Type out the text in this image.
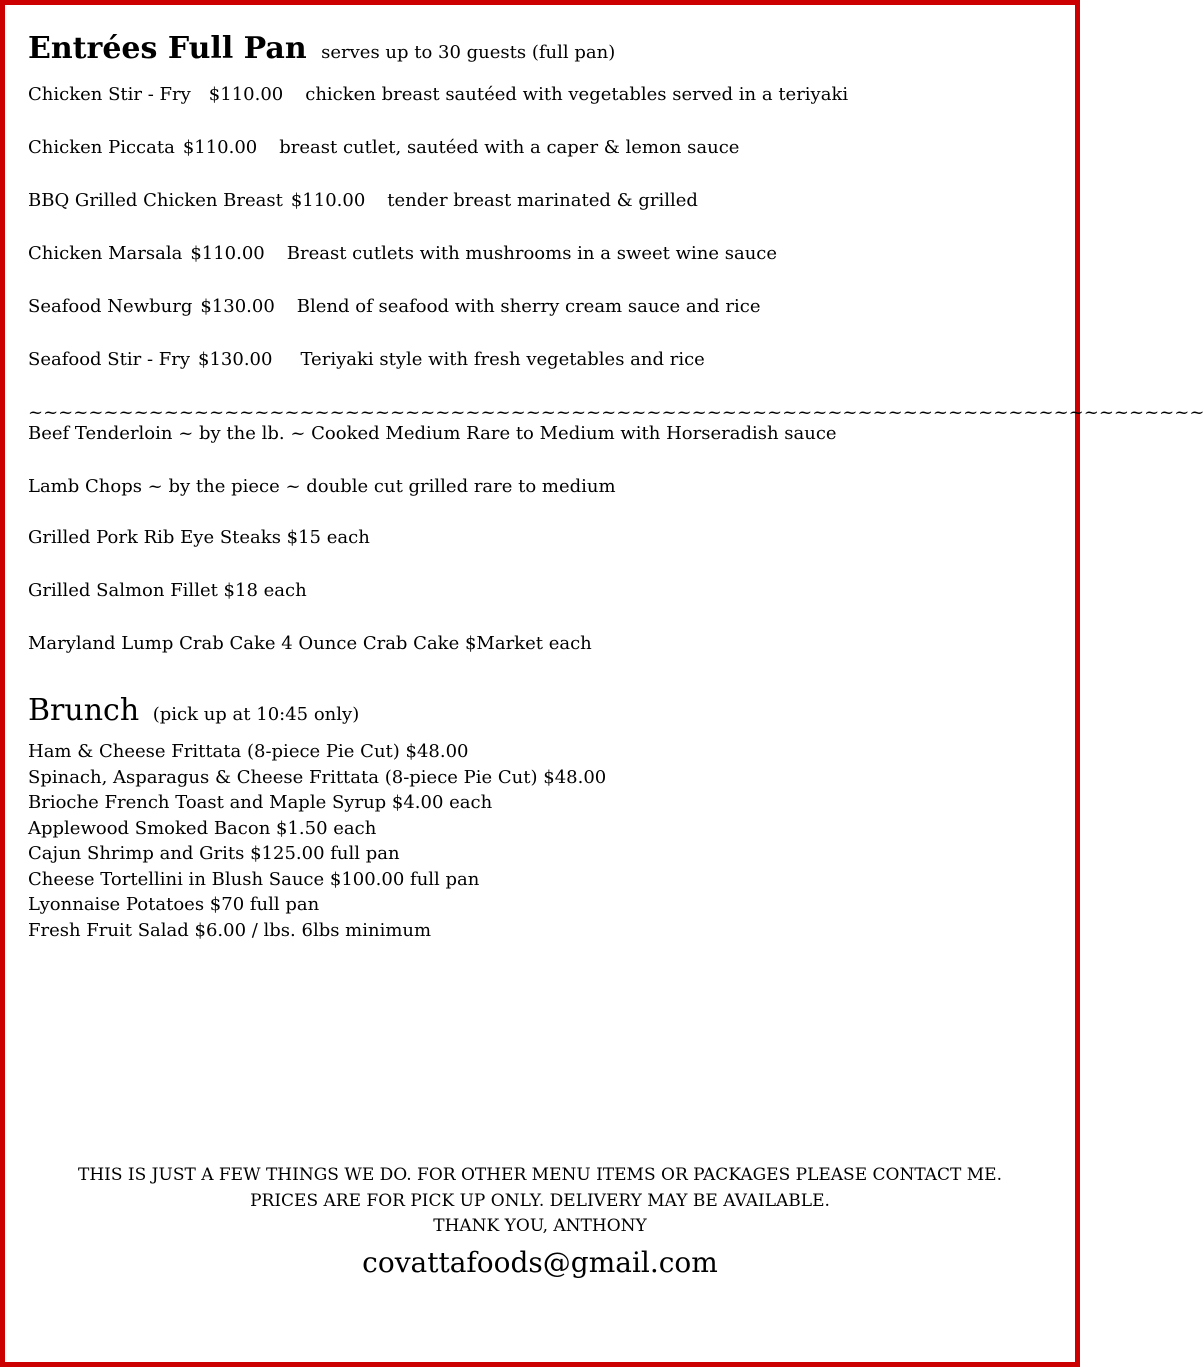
Entrées Full Pan serves up to 30 guests (full pan)
Chicken Stir - Fry $110.00 chicken breast sautéed with vegetables served in a teriyaki
Chicken Piccata $110.00 breast cutlet, sautéed with a caper & lemon sauce
BBQ Grilled Chicken Breast $110.00 tender breast marinated & grilled
Chicken Marsala $110.00 Breast cutlets with mushrooms in a sweet wine sauce
Seafood Newburg $130.00 Blend of seafood with sherry cream sauce and rice
Seafood Stir - Fry $130.00 Teriyaki style with fresh vegetables and rice
~~~~~~~~~~~~~~~~~~~~~~~~~~~~~~~~~~~~~~~~~~~~~~~~~~~~~~~~~~~~~~~~~~~~~~~~~~~~~~
Beef Tenderloin ~ by the lb. ~ Cooked Medium Rare to Medium with Horseradish sauce
Lamb Chops ~ by the piece ~ double cut grilled rare to medium
Grilled Pork Rib Eye Steaks $15 each
Grilled Salmon Fillet $18 each
Maryland Lump Crab Cake 4 Ounce Crab Cake $Market each
Brunch (pick up at 10:45 only)
Ham & Cheese Frittata (8-piece Pie Cut) $48.00
Spinach, Asparagus & Cheese Frittata (8-piece Pie Cut) $48.00
Brioche French Toast and Maple Syrup $4.00 each
Applewood Smoked Bacon $1.50 each
Cajun Shrimp and Grits $125.00 full pan
Cheese Tortellini in Blush Sauce $100.00 full pan
Lyonnaise Potatoes $70 full pan
Fresh Fruit Salad $6.00 / lbs. 6lbs minimum
THIS IS JUST A FEW THINGS WE DO. FOR OTHER MENU ITEMS OR PACKAGES PLEASE CONTACT ME.
PRICES ARE FOR PICK UP ONLY. DELIVERY MAY BE AVAILABLE.
THANK YOU, ANTHONY
covattafoods@gmail.com
